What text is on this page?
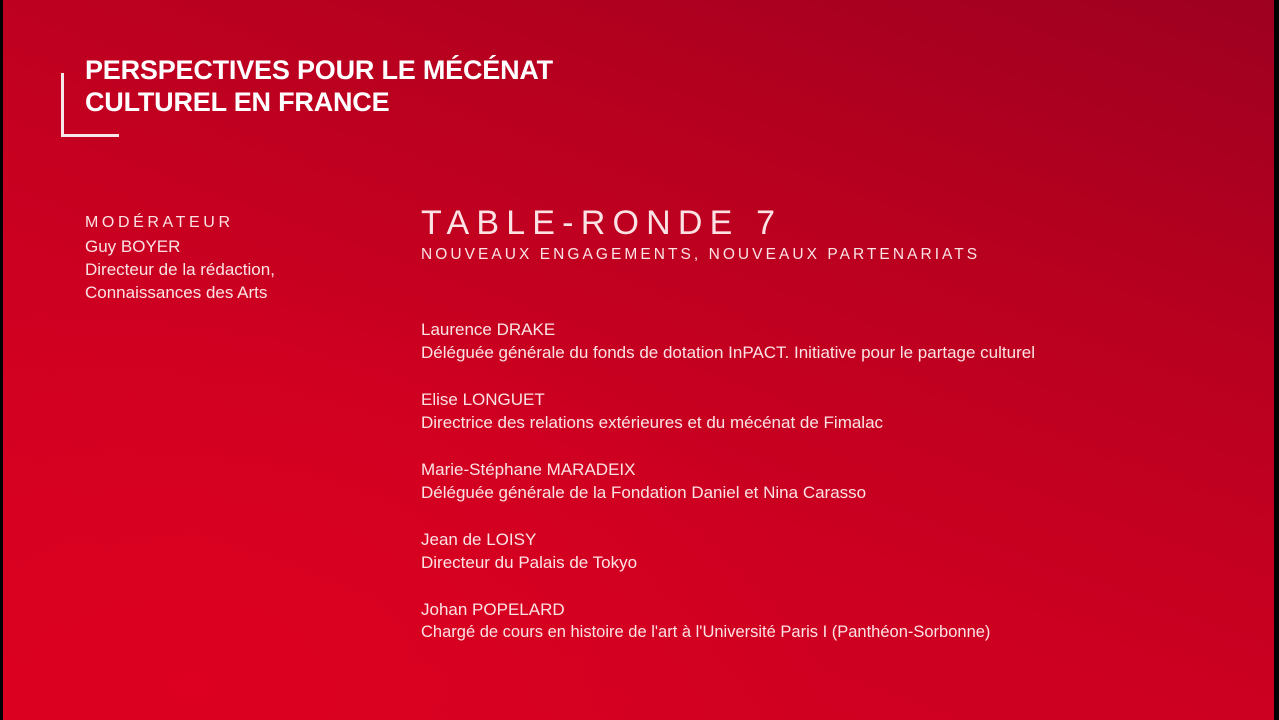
PERSPECTIVES POUR LE MÉCÉNAT
CULTUREL EN FRANCE
MODÉRATEUR
Guy BOYER
Directeur de la rédaction,
Connaissances des Arts
TABLE-RONDE 7
NOUVEAUX ENGAGEMENTS, NOUVEAUX PARTENARIATS
Laurence DRAKE
Déléguée générale du fonds de dotation InPACT. Initiative pour le partage culturel
Elise LONGUET
Directrice des relations extérieures et du mécénat de Fimalac
Marie-Stéphane MARADEIX
Déléguée générale de la Fondation Daniel et Nina Carasso
Jean de LOISY
Directeur du Palais de Tokyo
Johan POPELARD
Chargé de cours en histoire de l'art à l'Université Paris I (Panthéon-Sorbonne)
